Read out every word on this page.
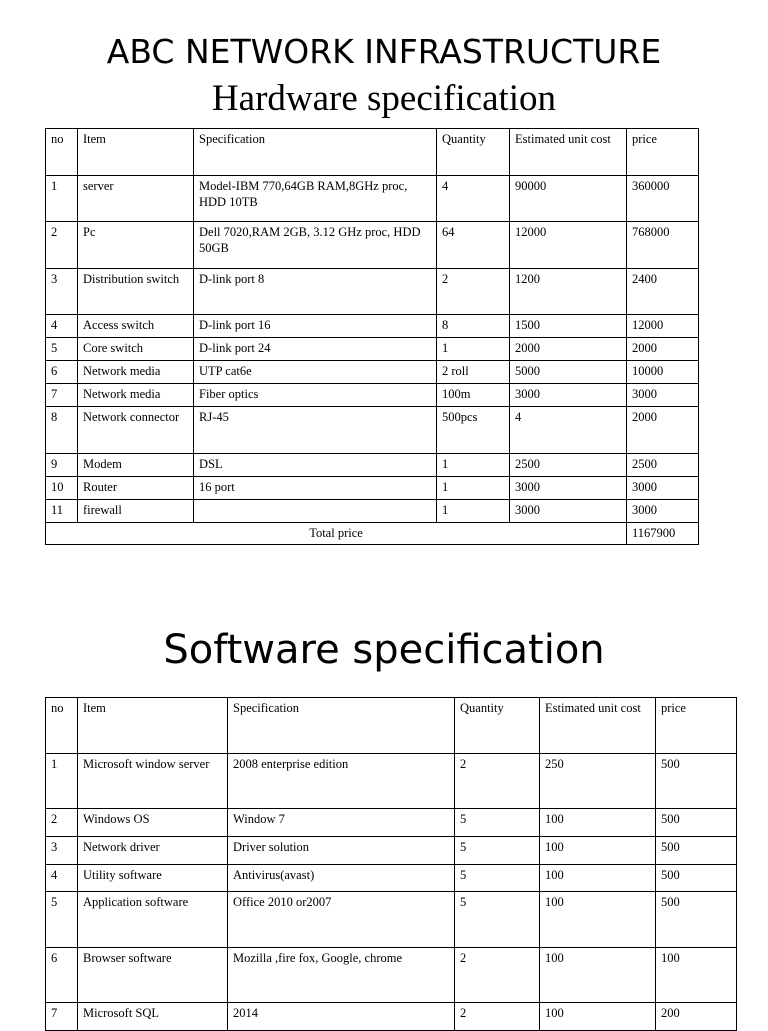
ABC NETWORK INFRASTRUCTURE
Hardware specification
no	Item	Specification	Quantity	Estimated unit cost	price
1	server	Model-IBM 770,64GB RAM,8GHz proc, HDD 10TB	4	90000	360000
2	Pc	Dell 7020,RAM 2GB, 3.12 GHz proc, HDD 50GB	64	12000	768000
3	Distribution switch	D-link port 8	2	1200	2400
4	Access switch	D-link port 16	8	1500	12000
5	Core switch	D-link port 24	1	2000	2000
6	Network media	UTP cat6e	2 roll	5000	10000
7	Network media	Fiber optics	100m	3000	3000
8	Network connector	RJ-45	500pcs	4	2000
9	Modem	DSL	1	2500	2500
10	Router	16 port	1	3000	3000
11	firewall		1	3000	3000
Total price					1167900
Software specification
no	Item	Specification	Quantity	Estimated unit cost	price
1	Microsoft window server	2008 enterprise edition	2	250	500
2	Windows OS	Window 7	5	100	500
3	Network driver	Driver solution	5	100	500
4	Utility software	Antivirus(avast)	5	100	500
5	Application software	Office 2010 or2007	5	100	500
6	Browser software	Mozilla ,fire fox, Google, chrome	2	100	100
7	Microsoft SQL	2014	2	100	200
